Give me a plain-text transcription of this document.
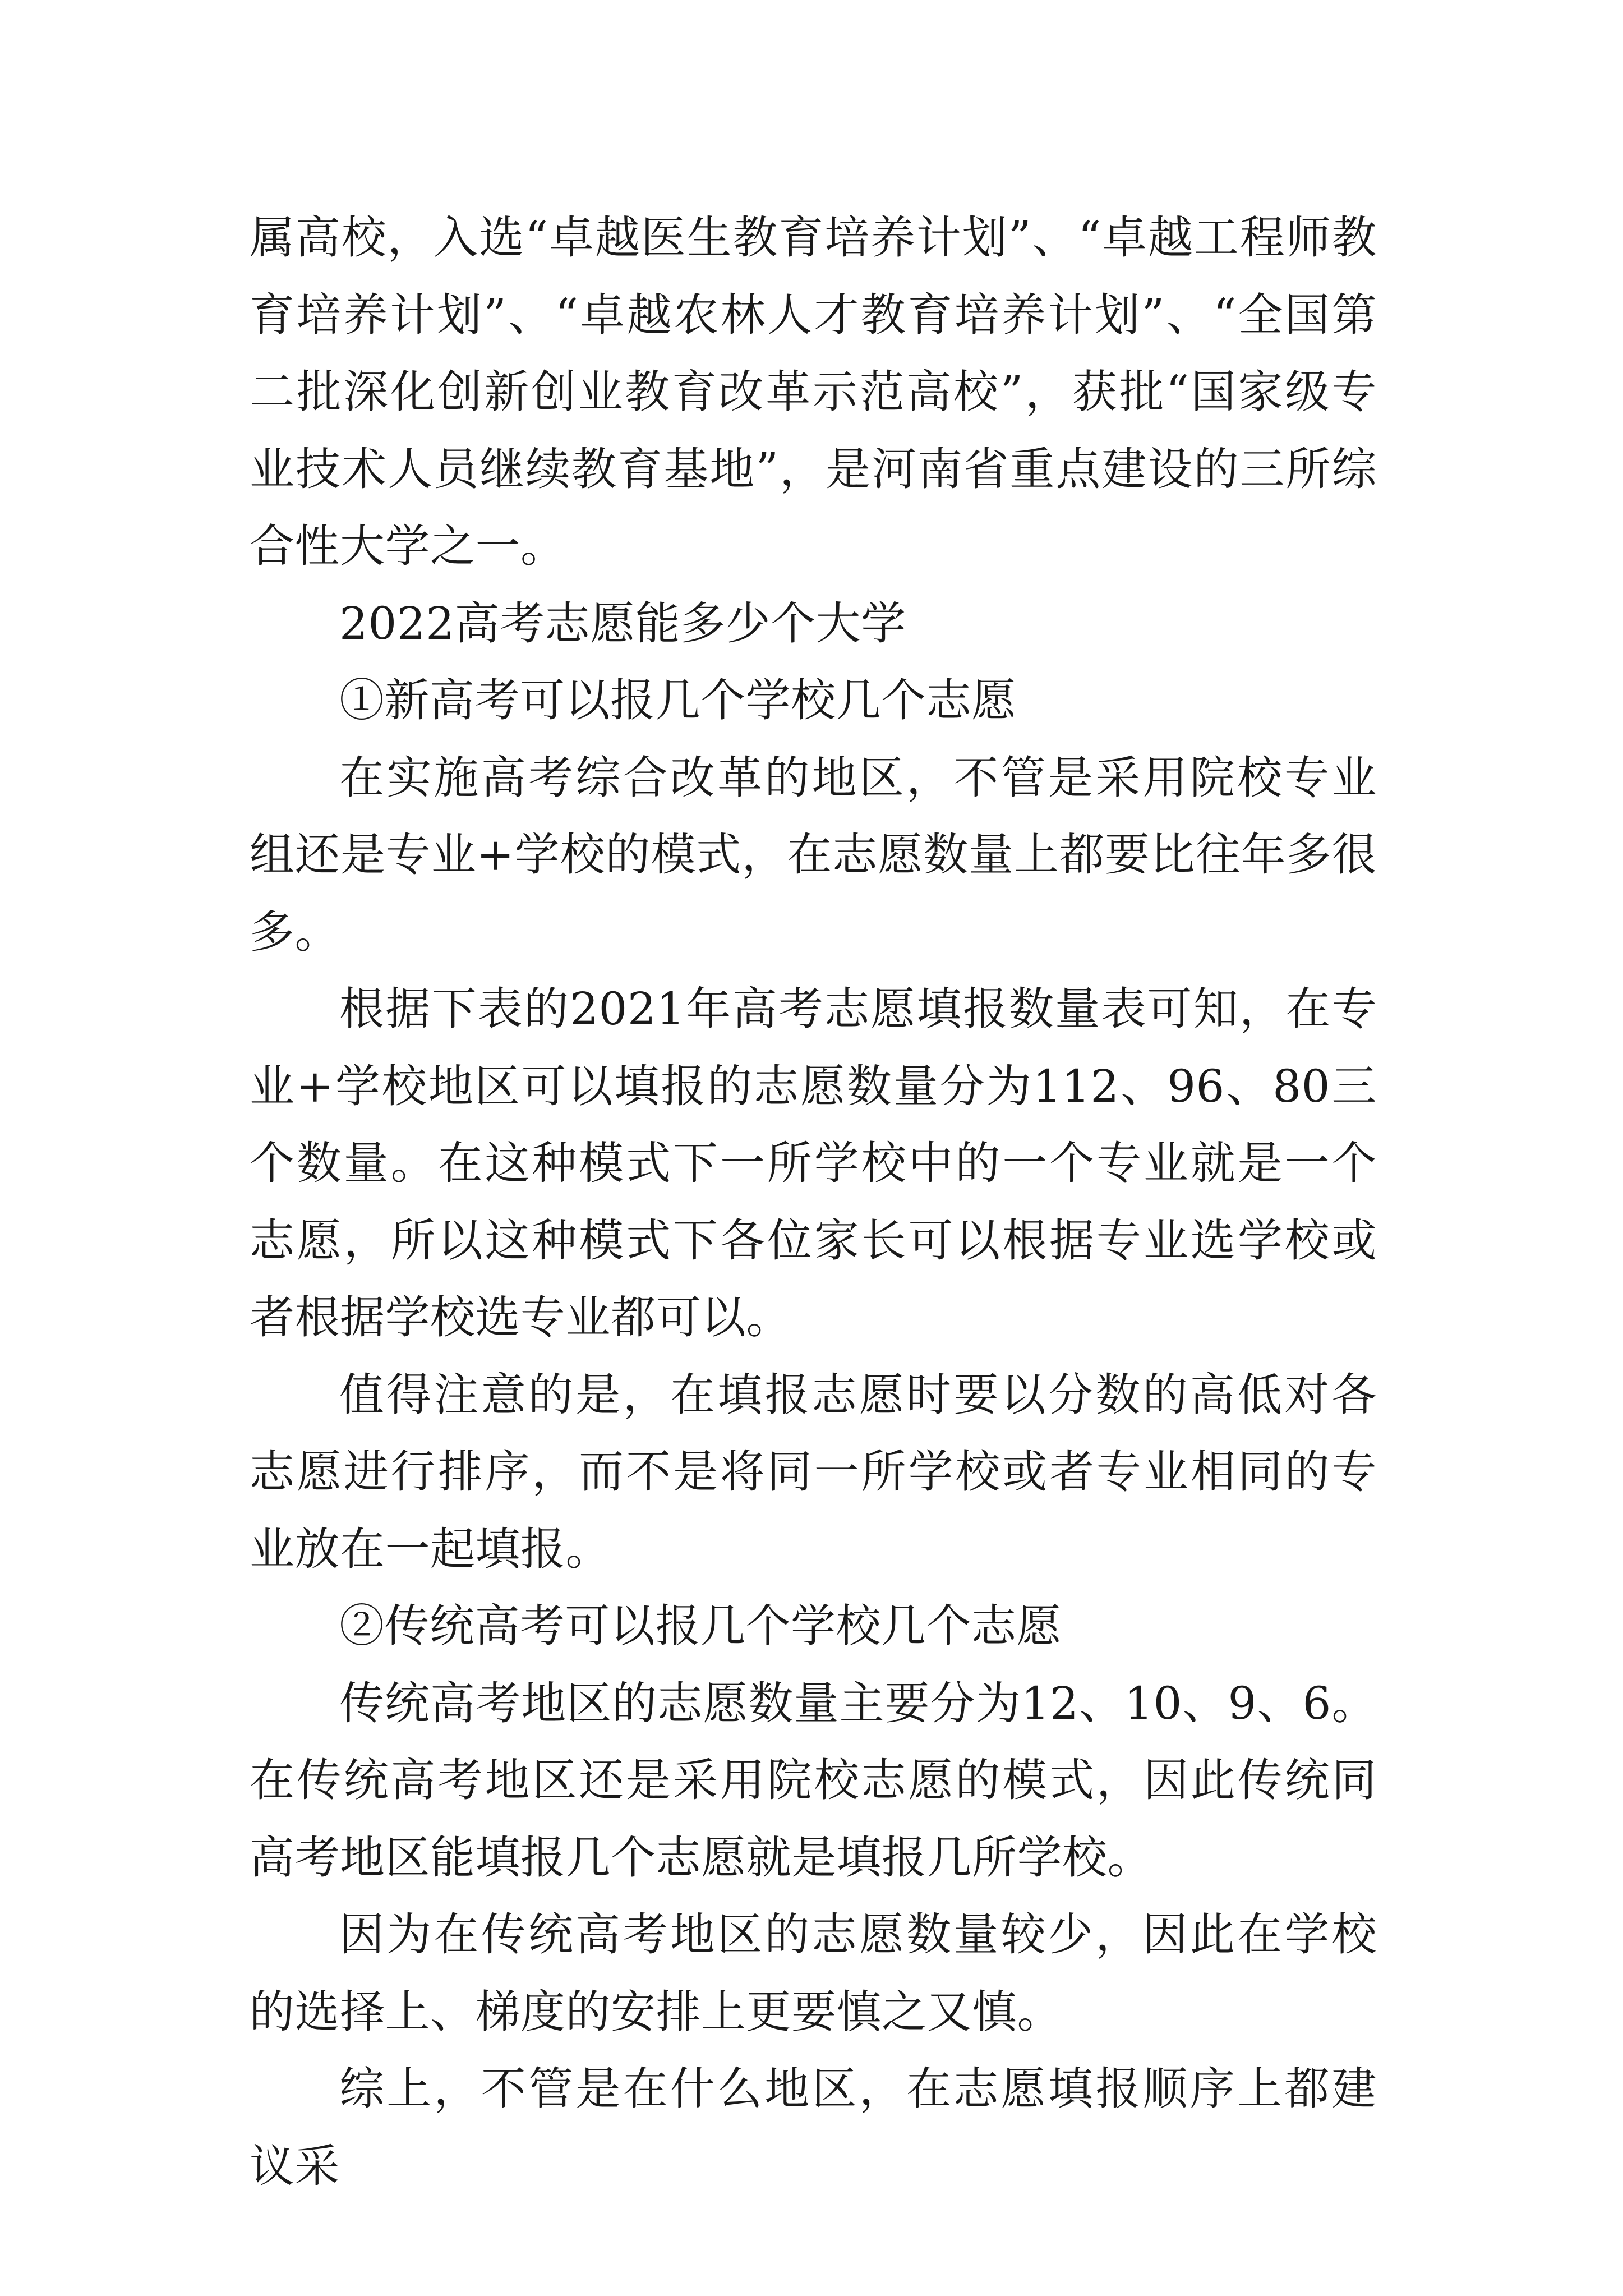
属高校，入选“卓越医生教育培养计划”、“卓越工程师教育培养计划”、“卓越农林人才教育培养计划”、“全国第二批深化创新创业教育改革示范高校”，获批“国家级专业技术人员继续教育基地”，是河南省重点建设的三所综合性大学之一。

2022高考志愿能多少个大学

①新高考可以报几个学校几个志愿

在实施高考综合改革的地区，不管是采用院校专业组还是专业+学校的模式，在志愿数量上都要比往年多很多。

根据下表的2021年高考志愿填报数量表可知，在专业+学校地区可以填报的志愿数量分为112、96、80三个数量。在这种模式下一所学校中的一个专业就是一个志愿，所以这种模式下各位家长可以根据专业选学校或者根据学校选专业都可以。

值得注意的是，在填报志愿时要以分数的高低对各志愿进行排序，而不是将同一所学校或者专业相同的专业放在一起填报。

②传统高考可以报几个学校几个志愿

传统高考地区的志愿数量主要分为12、10、9、6。在传统高考地区还是采用院校志愿的模式，因此传统同高考地区能填报几个志愿就是填报几所学校。

因为在传统高考地区的志愿数量较少，因此在学校的选择上、梯度的安排上更要慎之又慎。

综上，不管是在什么地区，在志愿填报顺序上都建议采
